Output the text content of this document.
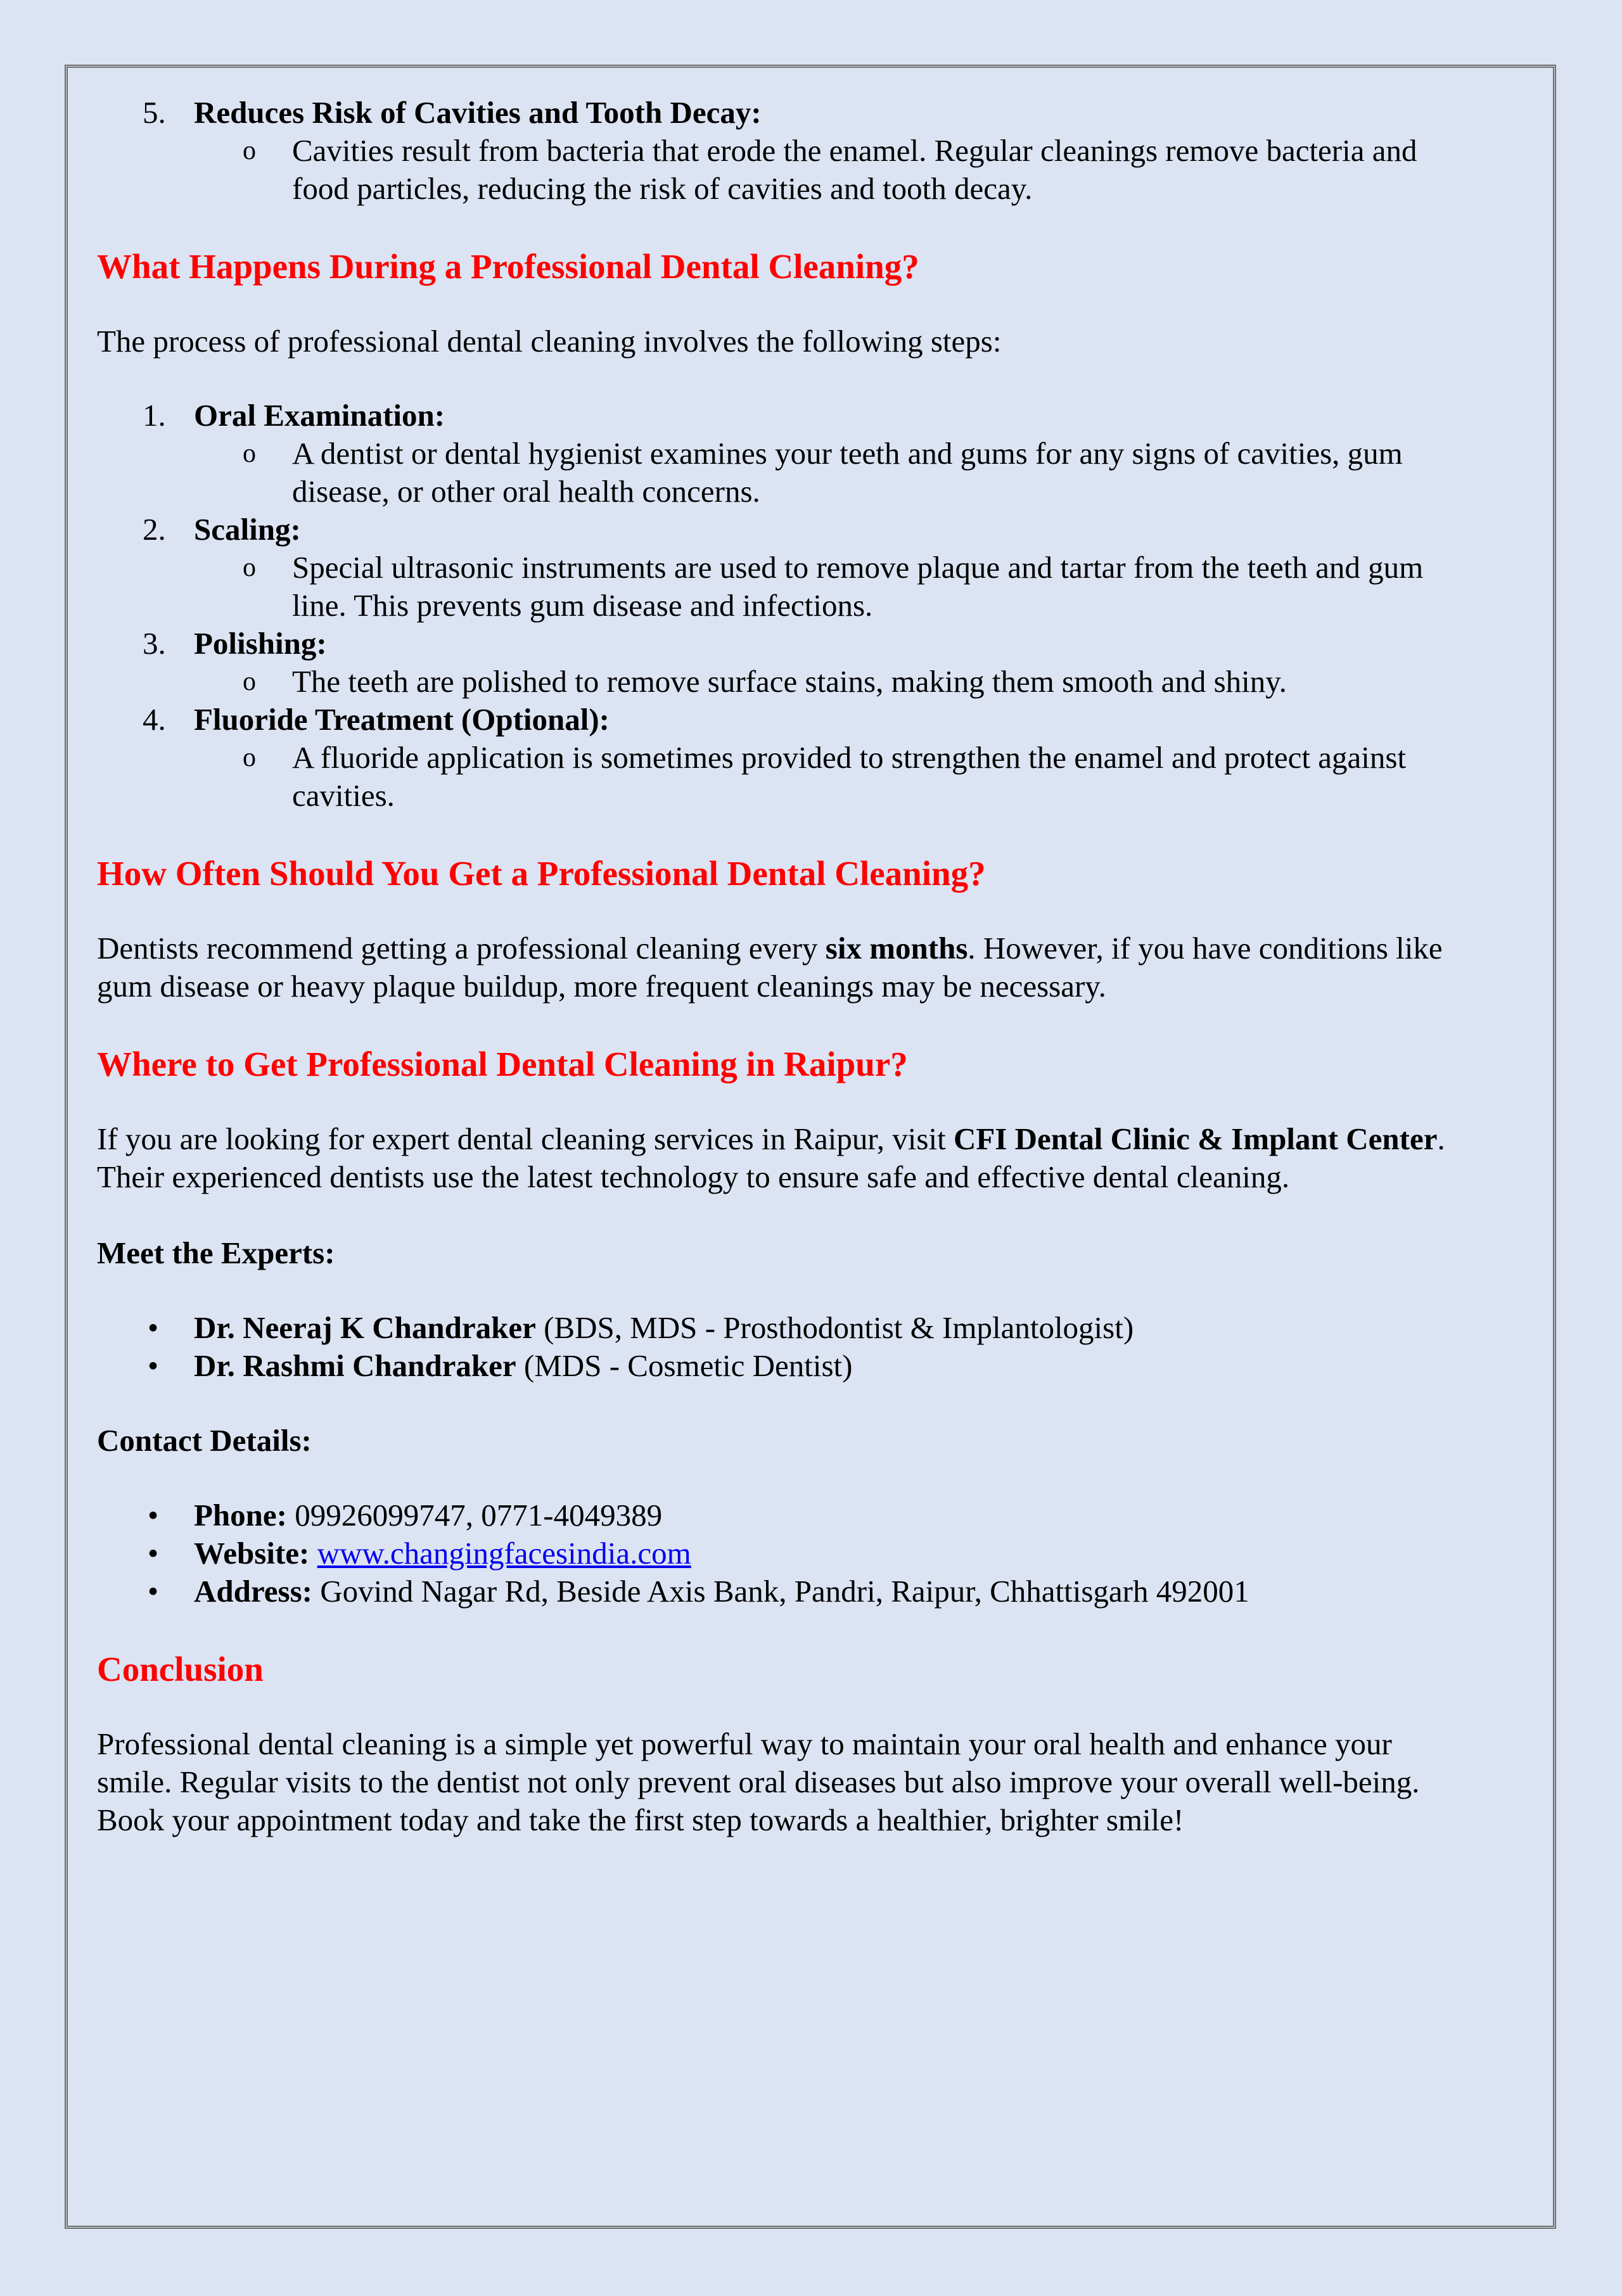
5. Reduces Risk of Cavities and Tooth Decay:
o Cavities result from bacteria that erode the enamel. Regular cleanings remove bacteria and
food particles, reducing the risk of cavities and tooth decay.
What Happens During a Professional Dental Cleaning?

The process of professional dental cleaning involves the following steps:

1. Oral Examination:
o A dentist or dental hygienist examines your teeth and gums for any signs of cavities, gum
disease, or other oral health concerns.
2. Scaling:
o Special ultrasonic instruments are used to remove plaque and tartar from the teeth and gum
line. This prevents gum disease and infections.
3. Polishing:
o The teeth are polished to remove surface stains, making them smooth and shiny.
4. Fluoride Treatment (Optional):
o A fluoride application is sometimes provided to strengthen the enamel and protect against
cavities.
How Often Should You Get a Professional Dental Cleaning?

Dentists recommend getting a professional cleaning every six months. However, if you have conditions like
gum disease or heavy plaque buildup, more frequent cleanings may be necessary.

Where to Get Professional Dental Cleaning in Raipur?

If you are looking for expert dental cleaning services in Raipur, visit CFI Dental Clinic & Implant Center.
Their experienced dentists use the latest technology to ensure safe and effective dental cleaning.

Meet the Experts:

• Dr. Neeraj K Chandraker (BDS, MDS - Prosthodontist & Implantologist)
• Dr. Rashmi Chandraker (MDS - Cosmetic Dentist)

Contact Details:

• Phone: 09926099747, 0771-4049389
• Website: www.changingfacesindia.com
• Address: Govind Nagar Rd, Beside Axis Bank, Pandri, Raipur, Chhattisgarh 492001
Conclusion

Professional dental cleaning is a simple yet powerful way to maintain your oral health and enhance your
smile. Regular visits to the dentist not only prevent oral diseases but also improve your overall well-being.
Book your appointment today and take the first step towards a healthier, brighter smile!
